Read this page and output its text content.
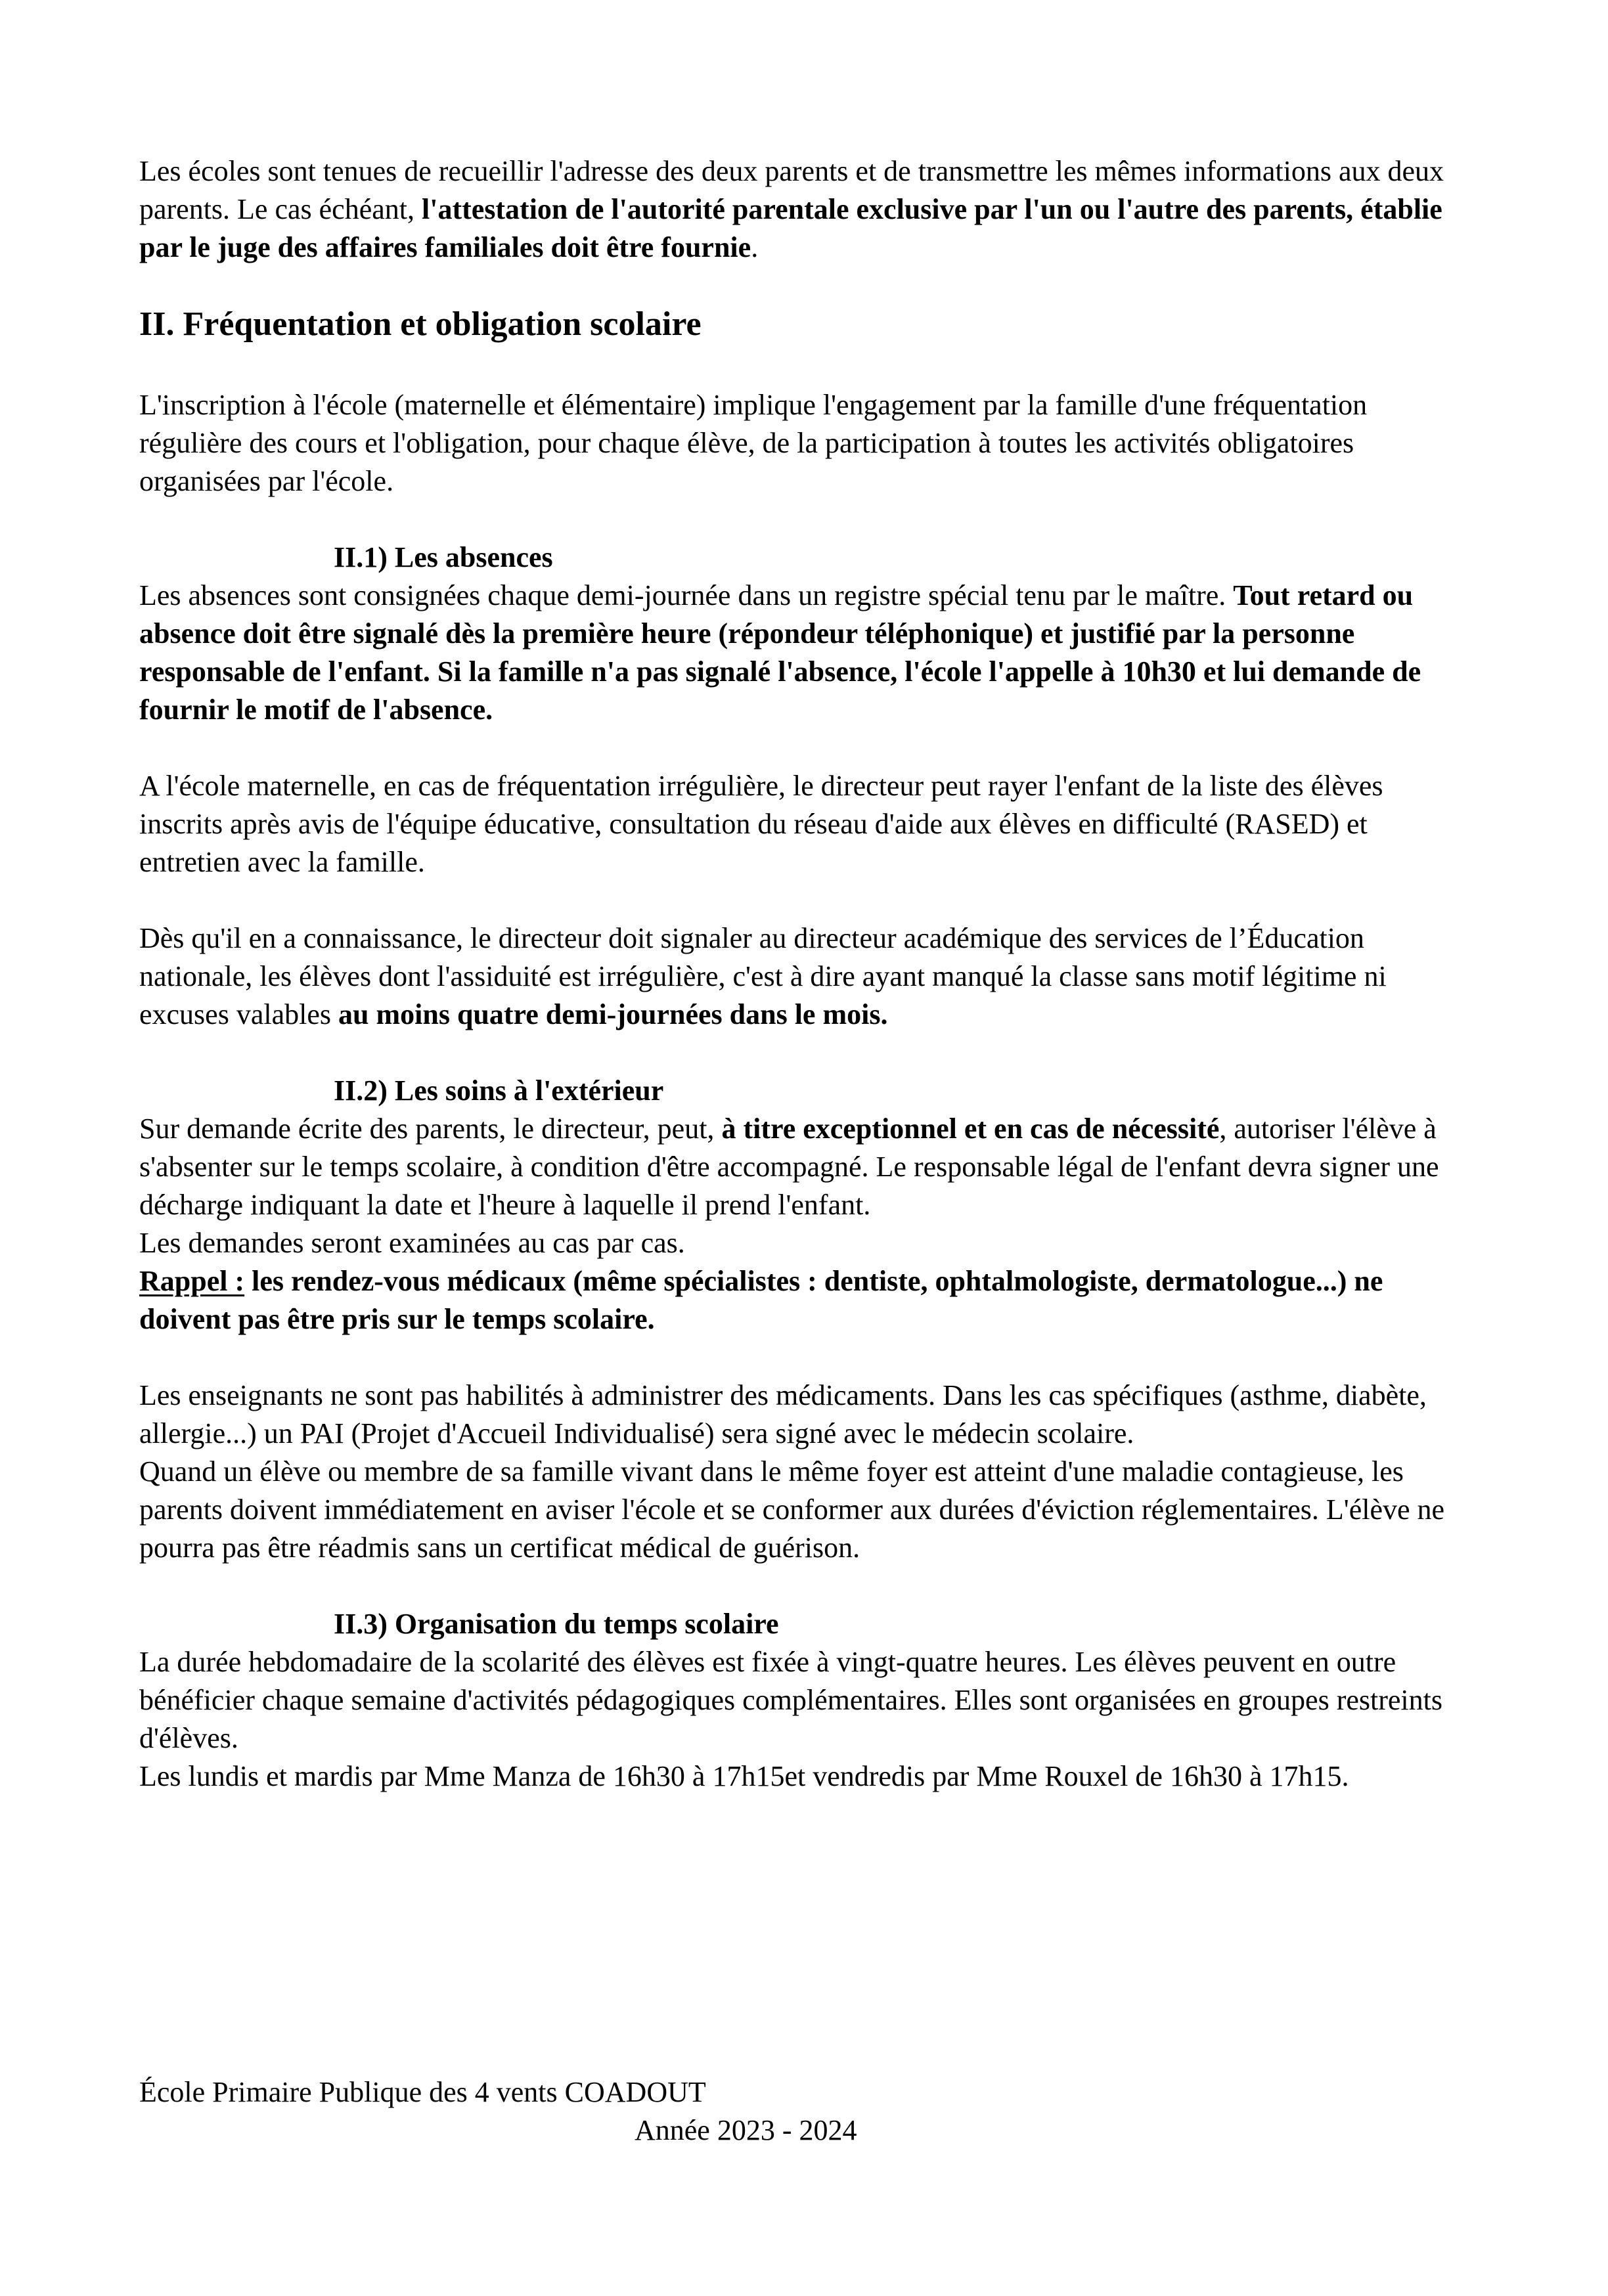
Les écoles sont tenues de recueillir l'adresse des deux parents et de transmettre les mêmes informations aux deux parents. Le cas échéant, l'attestation de l'autorité parentale exclusive par l'un ou l'autre des parents, établie par le juge des affaires familiales doit être fournie.

II. Fréquentation et obligation scolaire

L'inscription à l'école (maternelle et élémentaire) implique l'engagement par la famille d'une fréquentation régulière des cours et l'obligation, pour chaque élève, de la participation à toutes les activités obligatoires organisées par l'école.

II.1) Les absences

Les absences sont consignées chaque demi-journée dans un registre spécial tenu par le maître. Tout retard ou absence doit être signalé dès la première heure (répondeur téléphonique) et justifié par la personne responsable de l'enfant. Si la famille n'a pas signalé l'absence, l'école l'appelle à 10h30 et lui demande de fournir le motif de l'absence.

A l'école maternelle, en cas de fréquentation irrégulière, le directeur peut rayer l'enfant de la liste des élèves inscrits après avis de l'équipe éducative, consultation du réseau d'aide aux élèves en difficulté (RASED) et entretien avec la famille.

Dès qu'il en a connaissance, le directeur doit signaler au directeur académique des services de l’Éducation nationale, les élèves dont l'assiduité est irrégulière, c'est à dire ayant manqué la classe sans motif légitime ni excuses valables au moins quatre demi-journées dans le mois.

II.2) Les soins à l'extérieur

Sur demande écrite des parents, le directeur, peut, à titre exceptionnel et en cas de nécessité, autoriser l'élève à s'absenter sur le temps scolaire, à condition d'être accompagné. Le responsable légal de l'enfant devra signer une décharge indiquant la date et l'heure à laquelle il prend l'enfant.

Les demandes seront examinées au cas par cas.

Rappel : les rendez-vous médicaux (même spécialistes : dentiste, ophtalmologiste, dermatologue...) ne doivent pas être pris sur le temps scolaire.

Les enseignants ne sont pas habilités à administrer des médicaments. Dans les cas spécifiques (asthme, diabète, allergie...) un PAI (Projet d'Accueil Individualisé) sera signé avec le médecin scolaire.

Quand un élève ou membre de sa famille vivant dans le même foyer est atteint d'une maladie contagieuse, les parents doivent immédiatement en aviser l'école et se conformer aux durées d'éviction réglementaires. L'élève ne pourra pas être réadmis sans un certificat médical de guérison.

II.3) Organisation du temps scolaire

La durée hebdomadaire de la scolarité des élèves est fixée à vingt-quatre heures. Les élèves peuvent en outre bénéficier chaque semaine d'activités pédagogiques complémentaires. Elles sont organisées en groupes restreints d'élèves.

Les lundis et mardis par Mme Manza de 16h30 à 17h15et vendredis par Mme Rouxel de 16h30 à 17h15.

École Primaire Publique des 4 vents COADOUT

Année 2023 - 2024
